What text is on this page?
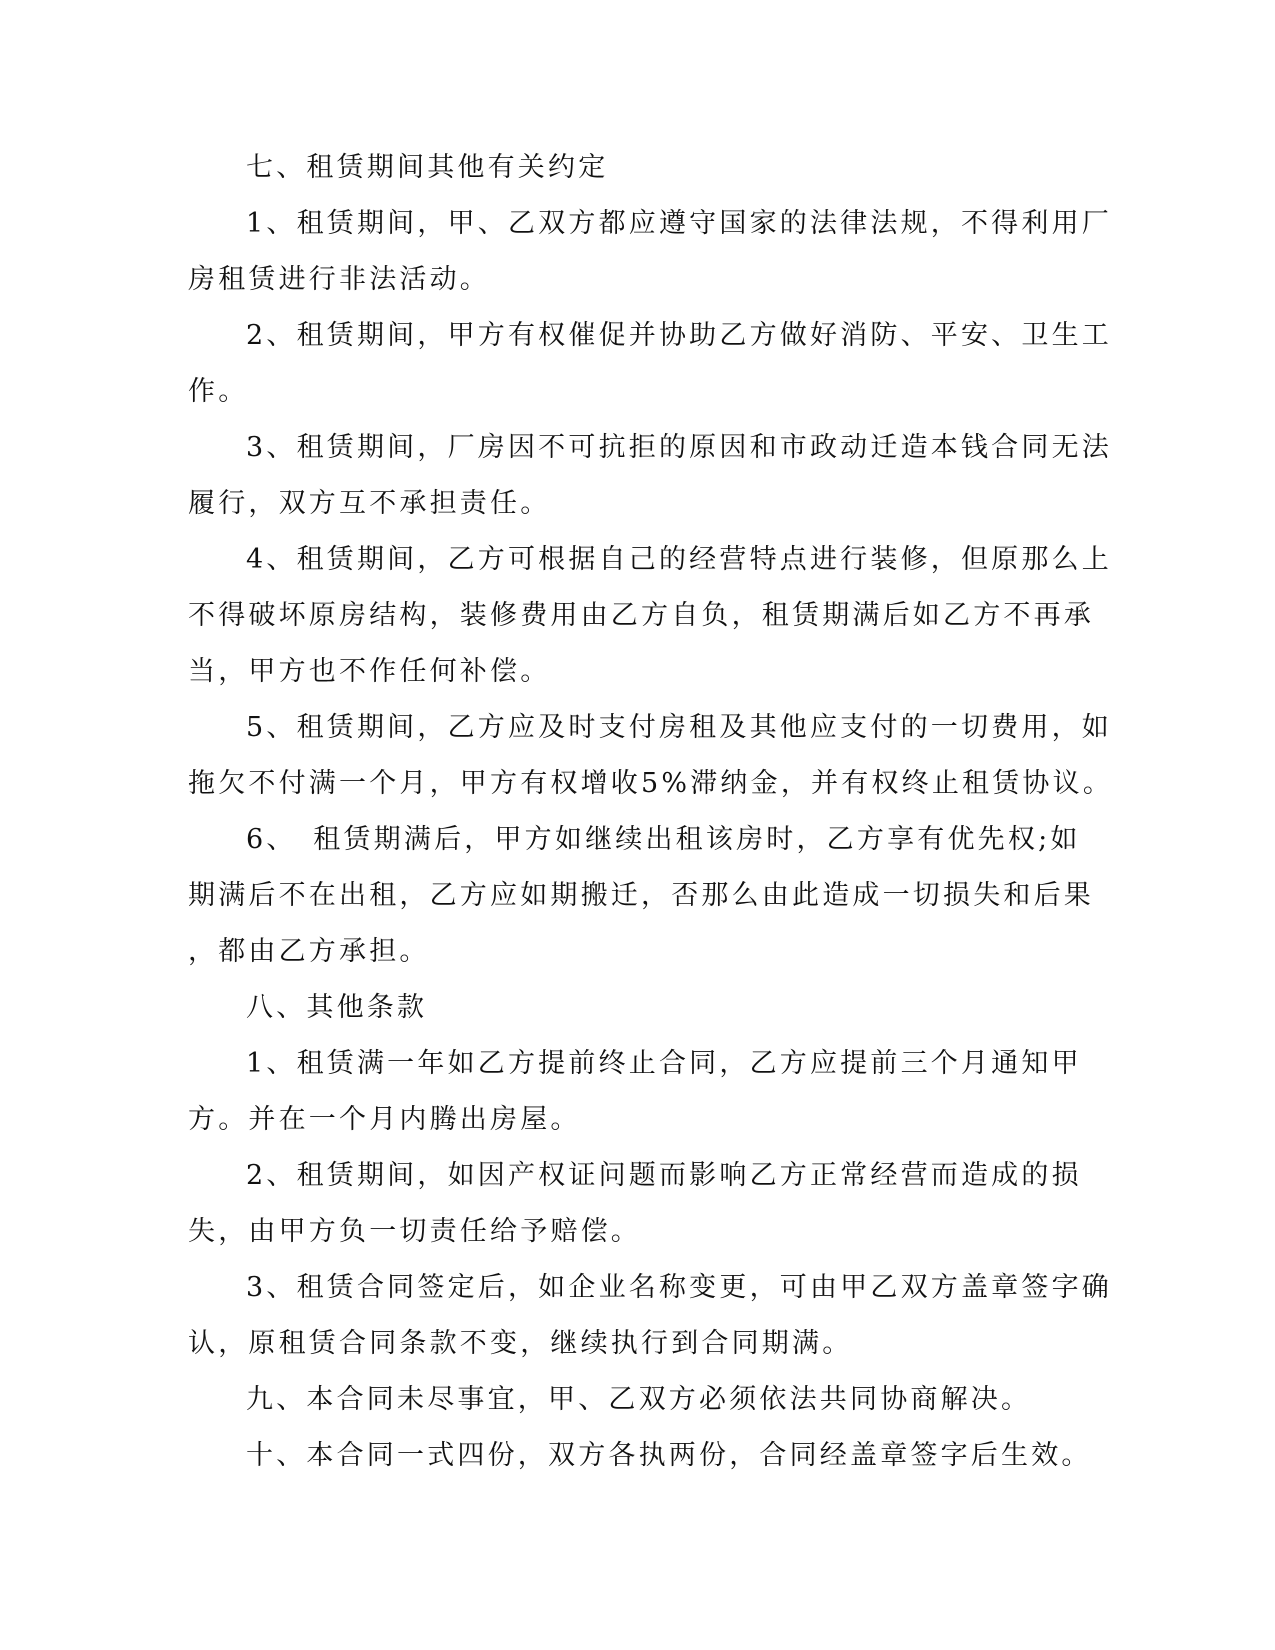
七、租赁期间其他有关约定
1、租赁期间，甲、乙双方都应遵守国家的法律法规，不得利用厂
房租赁进行非法活动。
2、租赁期间，甲方有权催促并协助乙方做好消防、平安、卫生工
作。
3、租赁期间，厂房因不可抗拒的原因和市政动迁造本钱合同无法
履行，双方互不承担责任。
4、租赁期间，乙方可根据自己的经营特点进行装修，但原那么上
不得破坏原房结构，装修费用由乙方自负，租赁期满后如乙方不再承
当，甲方也不作任何补偿。
5、租赁期间，乙方应及时支付房租及其他应支付的一切费用，如
拖欠不付满一个月，甲方有权增收5%滞纳金，并有权终止租赁协议。
6、　租赁期满后，甲方如继续出租该房时，乙方享有优先权;如
期满后不在出租，乙方应如期搬迁，否那么由此造成一切损失和后果
，都由乙方承担。
八、其他条款
1、租赁满一年如乙方提前终止合同，乙方应提前三个月通知甲
方。并在一个月内腾出房屋。
2、租赁期间，如因产权证问题而影响乙方正常经营而造成的损
失，由甲方负一切责任给予赔偿。
3、租赁合同签定后，如企业名称变更，可由甲乙双方盖章签字确
认，原租赁合同条款不变，继续执行到合同期满。
九、本合同未尽事宜，甲、乙双方必须依法共同协商解决。
十、本合同一式四份，双方各执两份，合同经盖章签字后生效。
